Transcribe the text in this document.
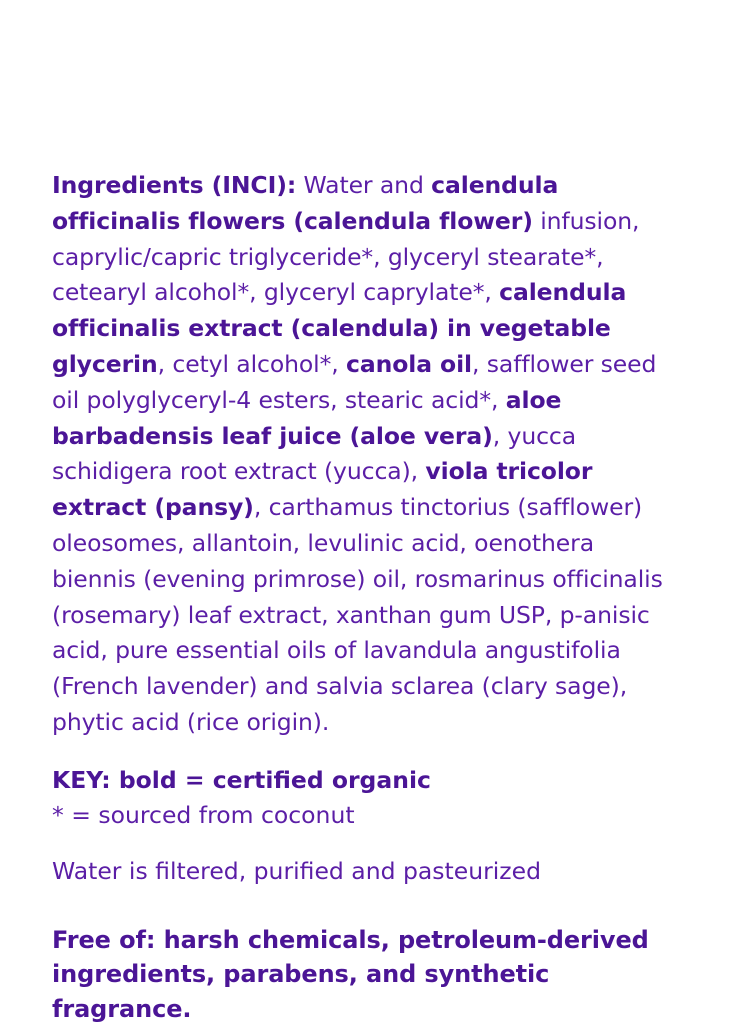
Ingredients (INCI): Water and calendula officinalis flowers (calendula flower) infusion, caprylic/capric triglyceride*, glyceryl stearate*, cetearyl alcohol*, glyceryl caprylate*, calendula officinalis extract (calendula) in vegetable glycerin, cetyl alcohol*, canola oil, safflower seed oil polyglyceryl-4 esters, stearic acid*, aloe barbadensis leaf juice (aloe vera), yucca schidigera root extract (yucca), viola tricolor extract (pansy), carthamus tinctorius (safflower) oleosomes, allantoin, levulinic acid, oenothera biennis (evening primrose) oil, rosmarinus officinalis (rosemary) leaf extract, xanthan gum USP, p-anisic acid, pure essential oils of lavandula angustifolia (French lavender) and salvia sclarea (clary sage), phytic acid (rice origin).

KEY: bold = certified organic
* = sourced from coconut
Water is filtered, purified and pasteurized
Free of: harsh chemicals, petroleum-derived ingredients, parabens, and synthetic fragrance.
